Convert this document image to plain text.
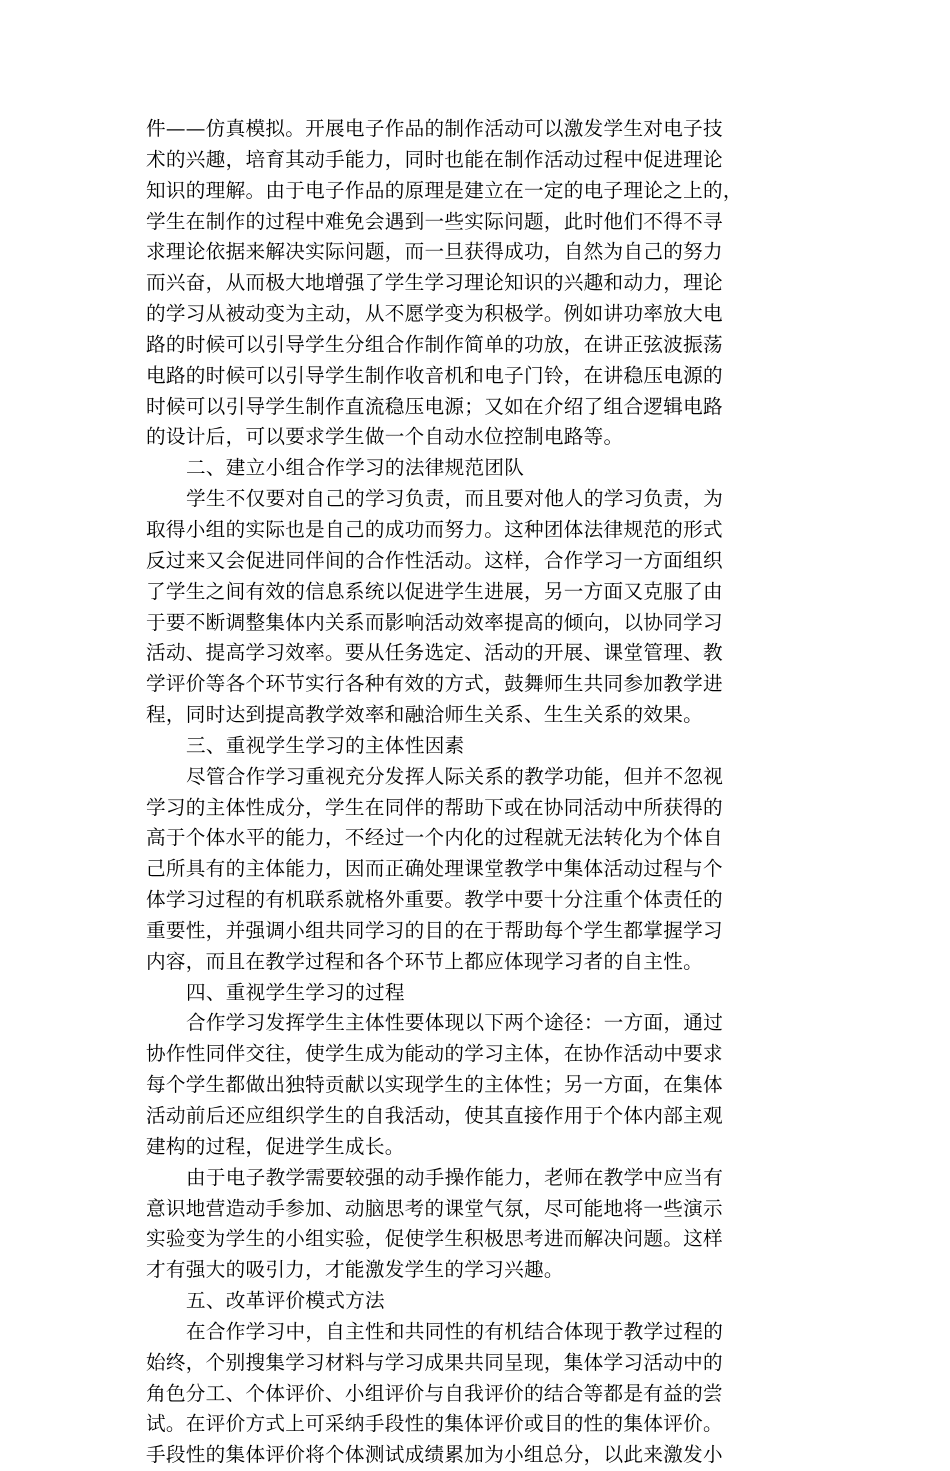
件——仿真模拟。开展电子作品的制作活动可以激发学生对电子技
术的兴趣，培育其动手能力，同时也能在制作活动过程中促进理论
知识的理解。由于电子作品的原理是建立在一定的电子理论之上的，
学生在制作的过程中难免会遇到一些实际问题，此时他们不得不寻
求理论依据来解决实际问题，而一旦获得成功，自然为自己的努力
而兴奋，从而极大地增强了学生学习理论知识的兴趣和动力，理论
的学习从被动变为主动，从不愿学变为积极学。例如讲功率放大电
路的时候可以引导学生分组合作制作简单的功放，在讲正弦波振荡
电路的时候可以引导学生制作收音机和电子门铃，在讲稳压电源的
时候可以引导学生制作直流稳压电源；又如在介绍了组合逻辑电路
的设计后，可以要求学生做一个自动水位控制电路等。
二、建立小组合作学习的法律规范团队
学生不仅要对自己的学习负责，而且要对他人的学习负责，为
取得小组的实际也是自己的成功而努力。这种团体法律规范的形式
反过来又会促进同伴间的合作性活动。这样，合作学习一方面组织
了学生之间有效的信息系统以促进学生进展，另一方面又克服了由
于要不断调整集体内关系而影响活动效率提高的倾向，以协同学习
活动、提高学习效率。要从任务选定、活动的开展、课堂管理、教
学评价等各个环节实行各种有效的方式，鼓舞师生共同参加教学进
程，同时达到提高教学效率和融洽师生关系、生生关系的效果。
三、重视学生学习的主体性因素
尽管合作学习重视充分发挥人际关系的教学功能，但并不忽视
学习的主体性成分，学生在同伴的帮助下或在协同活动中所获得的
高于个体水平的能力，不经过一个内化的过程就无法转化为个体自
己所具有的主体能力，因而正确处理课堂教学中集体活动过程与个
体学习过程的有机联系就格外重要。教学中要十分注重个体责任的
重要性，并强调小组共同学习的目的在于帮助每个学生都掌握学习
内容，而且在教学过程和各个环节上都应体现学习者的自主性。
四、重视学生学习的过程
合作学习发挥学生主体性要体现以下两个途径：一方面，通过
协作性同伴交往，使学生成为能动的学习主体，在协作活动中要求
每个学生都做出独特贡献以实现学生的主体性；另一方面，在集体
活动前后还应组织学生的自我活动，使其直接作用于个体内部主观
建构的过程，促进学生成长。
由于电子教学需要较强的动手操作能力，老师在教学中应当有
意识地营造动手参加、动脑思考的课堂气氛，尽可能地将一些演示
实验变为学生的小组实验，促使学生积极思考进而解决问题。这样
才有强大的吸引力，才能激发学生的学习兴趣。
五、改革评价模式方法
在合作学习中，自主性和共同性的有机结合体现于教学过程的
始终，个别搜集学习材料与学习成果共同呈现，集体学习活动中的
角色分工、个体评价、小组评价与自我评价的结合等都是有益的尝
试。在评价方式上可采纳手段性的集体评价或目的性的集体评价。
手段性的集体评价将个体测试成绩累加为小组总分，以此来激发小
